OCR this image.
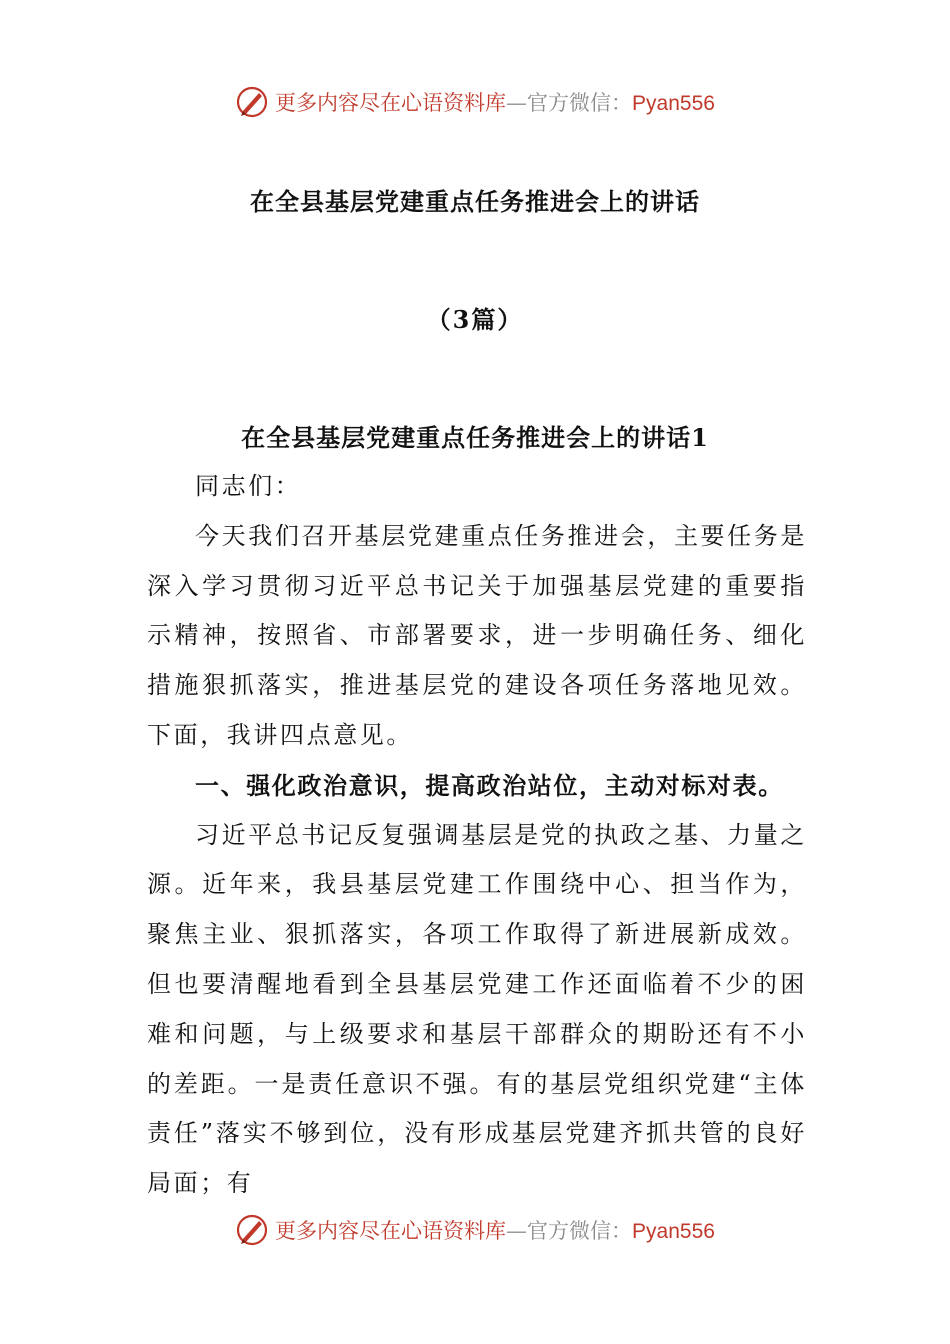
更多内容尽在心语资料库—官方微信：Pyan556
在全县基层党建重点任务推进会上的讲话
（3篇）
在全县基层党建重点任务推进会上的讲话1

同志们：

今天我们召开基层党建重点任务推进会，主要任务是深入学习贯彻习近平总书记关于加强基层党建的重要指示精神，按照省、市部署要求，进一步明确任务、细化措施狠抓落实，推进基层党的建设各项任务落地见效。下面，我讲四点意见。

一、强化政治意识，提高政治站位，主动对标对表。

习近平总书记反复强调基层是党的执政之基、力量之源。近年来，我县基层党建工作围绕中心、担当作为，聚焦主业、狠抓落实，各项工作取得了新进展新成效。但也要清醒地看到全县基层党建工作还面临着不少的困难和问题，与上级要求和基层干部群众的期盼还有不小的差距。一是责任意识不强。有的基层党组织党建“主体责任”落实不够到位，没有形成基层党建齐抓共管的良好局面；有

更多内容尽在心语资料库—官方微信：Pyan556
